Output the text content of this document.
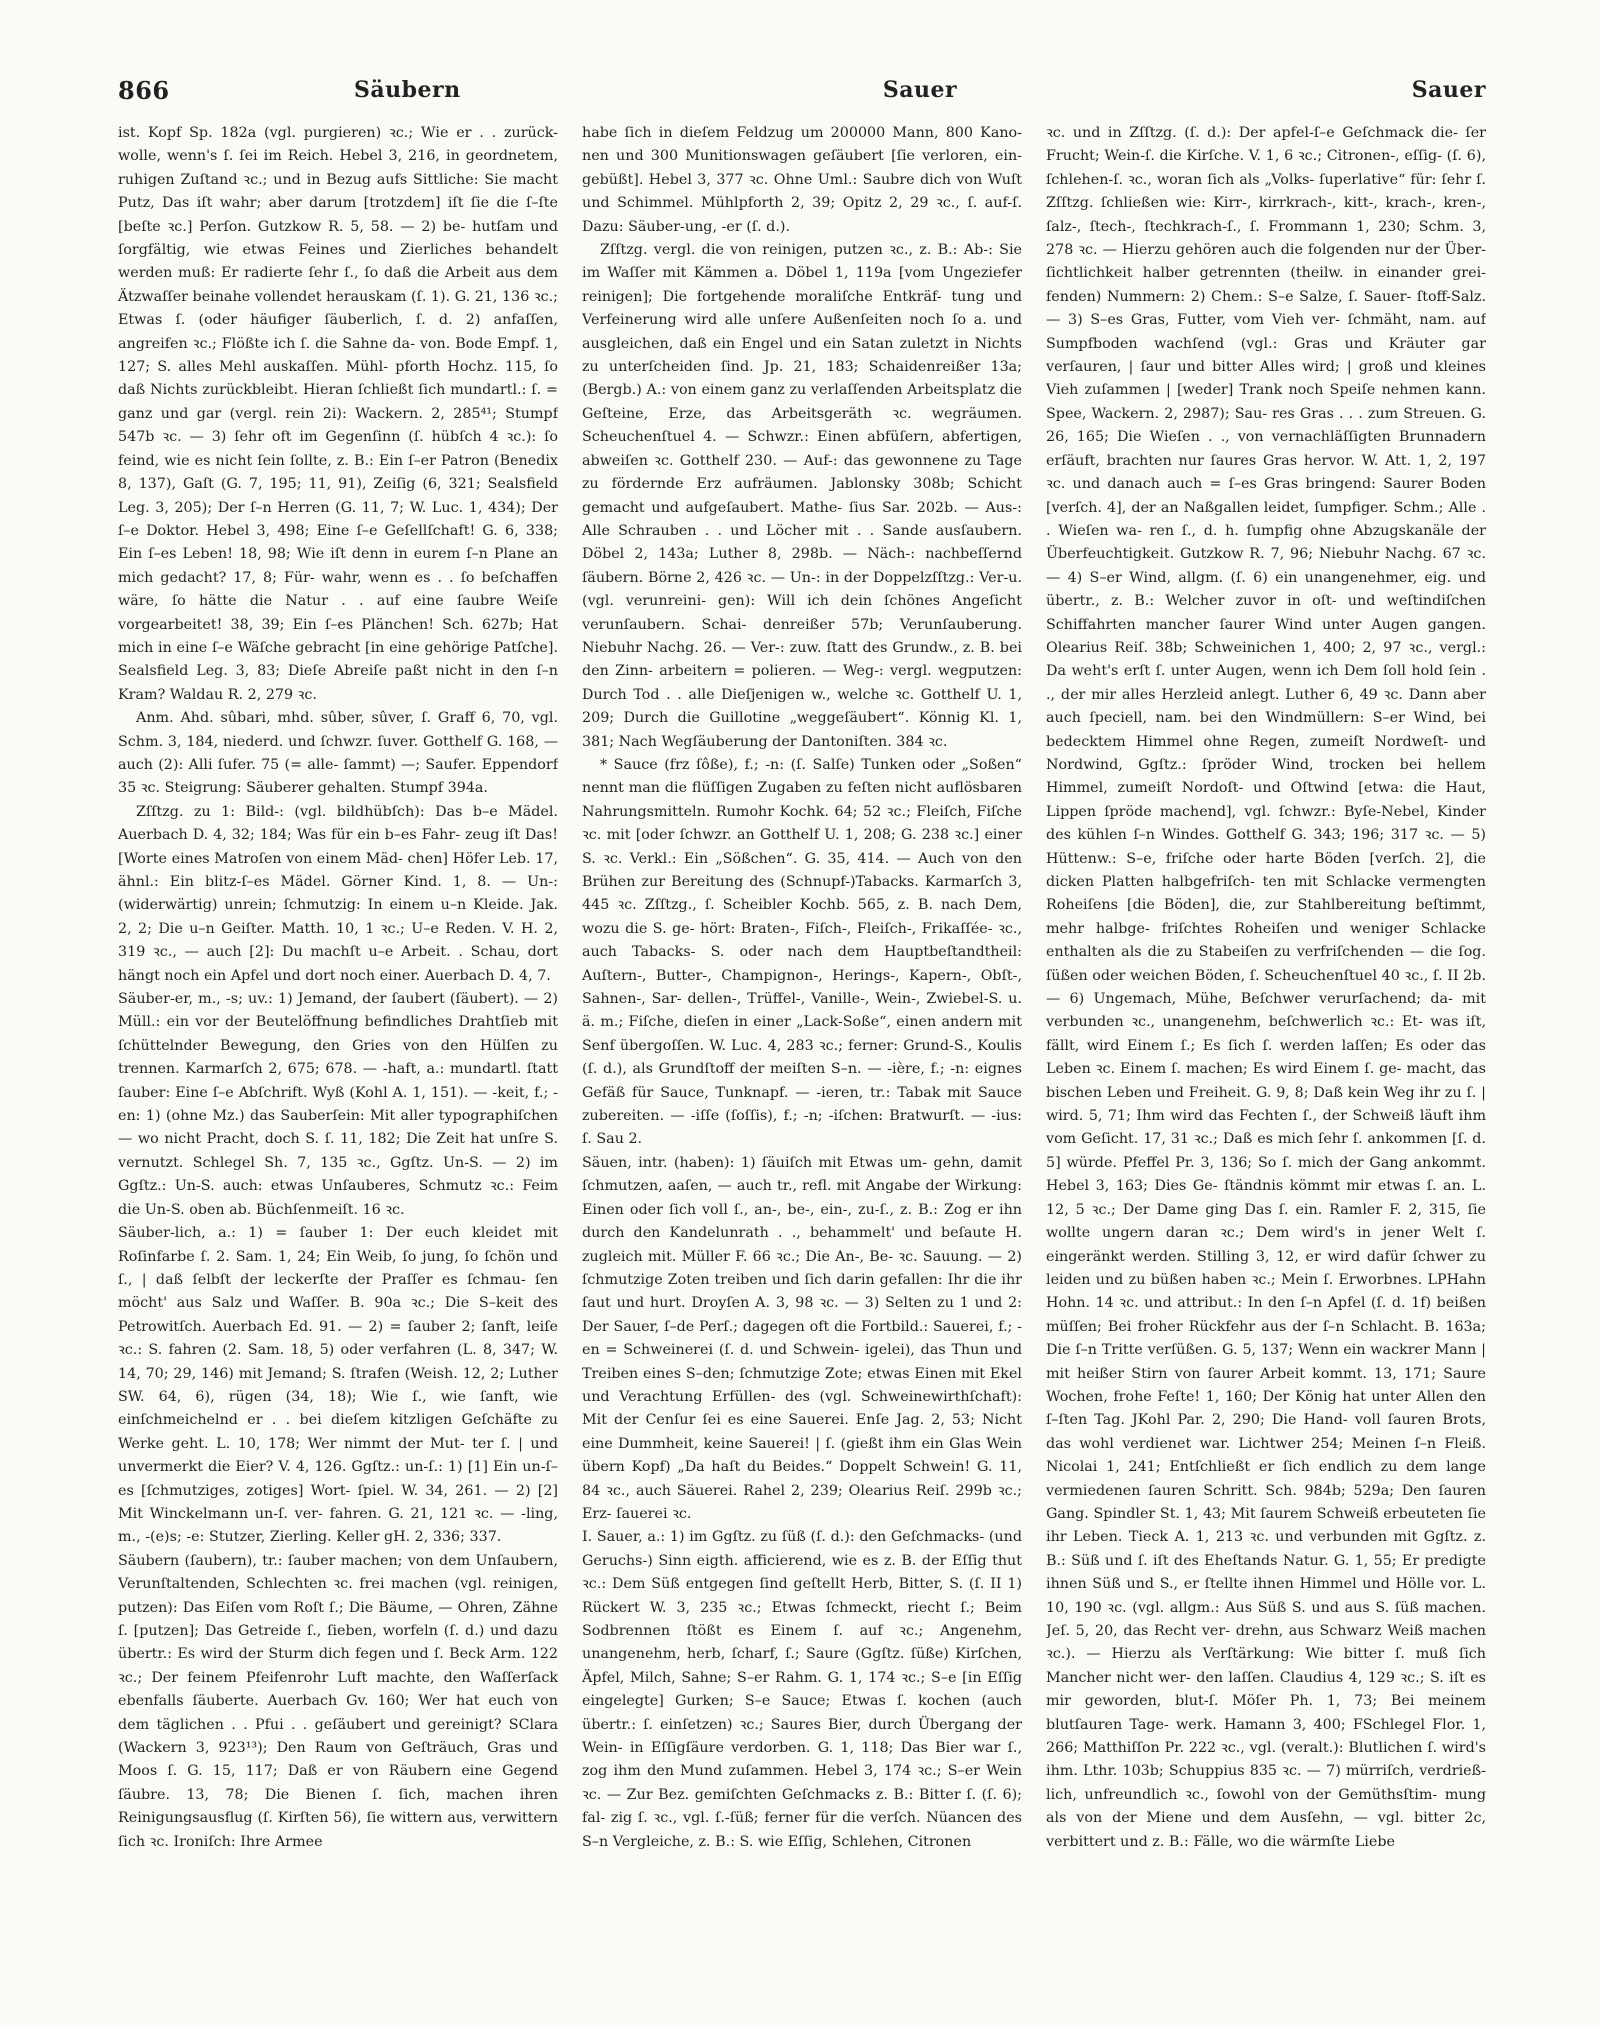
866	Säubern	Sauer	Sauer

ist. Kopf Sp. 182a (vgl. purgieren) ꝛc.; Wie er . . zurück- wolle, wenn's ſ. ſei im Reich. Hebel 3, 216, in geordnetem, ruhigen Zuſtand ꝛc.; und in Bezug aufs Sittliche: Sie macht Putz, Das iſt wahr; aber darum [trotzdem] iſt ſie die ſ–ſte [beſte ꝛc.] Perſon. Gutzkow R. 5, 58. — 2) be- hutſam und ſorgfältig, wie etwas Feines und Zierliches behandelt werden muß: Er radierte ſehr ſ., ſo daß die Arbeit aus dem Ätzwaſſer beinahe vollendet herauskam (ſ. 1). G. 21, 136 ꝛc.; Etwas ſ. (oder häufiger ſäuberlich, ſ. d. 2) anfaſſen, angreifen ꝛc.; Flößte ich ſ. die Sahne da- von. Bode Empf. 1, 127; S. alles Mehl auskaſſen. Mühl- pforth Hochz. 115, ſo daß Nichts zurückbleibt. Hieran ſchließt ſich mundartl.: ſ. = ganz und gar (vergl. rein 2i): Wackern. 2, 285⁴¹; Stumpf 547b ꝛc. — 3) ſehr oft im Gegenſinn (ſ. hübſch 4 ꝛc.): ſo feind, wie es nicht ſein ſollte, z. B.: Ein ſ–er Patron (Benedix 8, 137), Gaſt (G. 7, 195; 11, 91), Zeiſig (6, 321; Sealsfield Leg. 3, 205); Der ſ–n Herren (G. 11, 7; W. Luc. 1, 434); Der ſ–e Doktor. Hebel 3, 498; Eine ſ–e Geſellſchaft! G. 6, 338; Ein ſ–es Leben! 18, 98; Wie iſt denn in eurem ſ–n Plane an mich gedacht? 17, 8; Für- wahr, wenn es . . ſo beſchaffen wäre, ſo hätte die Natur . . auf eine ſaubre Weiſe vorgearbeitet! 38, 39; Ein ſ–es Plänchen! Sch. 627b; Hat mich in eine ſ–e Wäſche gebracht [in eine gehörige Patſche]. Sealsfield Leg. 3, 83; Dieſe Abreiſe paßt nicht in den ſ–n Kram? Waldau R. 2, 279 ꝛc.

Anm. Ahd. sûbari, mhd. sûber, sûver, ſ. Graff 6, 70, vgl. Schm. 3, 184, niederd. und ſchwzr. ſuver. Gotthelf G. 168, — auch (2): Alli ſufer. 75 (= alle- ſammt) —; Saufer. Eppendorf 35 ꝛc. Steigrung: Säuberer gehalten. Stumpf 394a.

Zſſtzg. zu 1: Bild-: (vgl. bildhübſch): Das b–e Mädel. Auerbach D. 4, 32; 184; Was für ein b–es Fahr- zeug iſt Das! [Worte eines Matroſen von einem Mäd- chen] Höfer Leb. 17, ähnl.: Ein blitz-ſ–es Mädel. Görner Kind. 1, 8. — Un-: (widerwärtig) unrein; ſchmutzig: In einem u–n Kleide. Jak. 2, 2; Die u–n Geiſter. Matth. 10, 1 ꝛc.; U–e Reden. V. H. 2, 319 ꝛc., — auch [2]: Du machſt u–e Arbeit. . Schau, dort hängt noch ein Apfel und dort noch einer. Auerbach D. 4, 7.

Säuber-er, m., -s; uv.: 1) Jemand, der ſaubert (ſäubert). — 2) Müll.: ein vor der Beutelöffnung befindliches Drahtſieb mit ſchüttelnder Bewegung, den Gries von den Hülſen zu trennen. Karmarſch 2, 675; 678. — -haft, a.: mundartl. ſtatt ſauber: Eine ſ–e Abſchrift. Wyß (Kohl A. 1, 151). — -keit, f.; -en: 1) (ohne Mz.) das Sauberſein: Mit aller typographiſchen — wo nicht Pracht, doch S. ſ. 11, 182; Die Zeit hat unſre S. vernutzt. Schlegel Sh. 7, 135 ꝛc., Ggſtz. Un-S. — 2) im Ggſtz.: Un-S. auch: etwas Unſauberes, Schmutz ꝛc.: Feim die Un-S. oben ab. Büchſenmeiſt. 16 ꝛc.

Säuber-lich, a.: 1) = ſauber 1: Der euch kleidet mit Roſinfarbe ſ. 2. Sam. 1, 24; Ein Weib, ſo jung, ſo ſchön und ſ., | daß ſelbſt der leckerſte der Praſſer es ſchmau- ſen möcht' aus Salz und Waſſer. B. 90a ꝛc.; Die S–keit des Petrowitſch. Auerbach Ed. 91. — 2) = ſauber 2; ſanft, leiſe ꝛc.: S. fahren (2. Sam. 18, 5) oder verfahren (L. 8, 347; W. 14, 70; 29, 146) mit Jemand; S. ſtrafen (Weish. 12, 2; Luther SW. 64, 6), rügen (34, 18); Wie ſ., wie ſanft, wie einſchmeichelnd er . . bei dieſem kitzligen Geſchäfte zu Werke geht. L. 10, 178; Wer nimmt der Mut- ter ſ. | und unvermerkt die Eier? V. 4, 126. Ggſtz.: un-ſ.: 1) [1] Ein un-ſ–es [ſchmutziges, zotiges] Wort- ſpiel. W. 34, 261. — 2) [2] Mit Winckelmann un-ſ. ver- fahren. G. 21, 121 ꝛc. — -ling, m., -(e)s; -e: Stutzer, Zierling. Keller gH. 2, 336; 337.

Säubern (ſaubern), tr.: ſauber machen; von dem Unſaubern, Verunſtaltenden, Schlechten ꝛc. frei machen (vgl. reinigen, putzen): Das Eiſen vom Roſt ſ.; Die Bäume, — Ohren, Zähne ſ. [putzen]; Das Getreide ſ., ſieben, worfeln (ſ. d.) und dazu übertr.: Es wird der Sturm dich fegen und ſ. Beck Arm. 122 ꝛc.; Der feinem Pfeifenrohr Luft machte, den Waſſerſack ebenfalls ſäuberte. Auerbach Gv. 160; Wer hat euch von dem täglichen . . Pfui . . geſäubert und gereinigt? SClara (Wackern 3, 923¹³); Den Raum von Geſträuch, Gras und Moos ſ. G. 15, 117; Daß er von Räubern eine Gegend ſäubre. 13, 78; Die Bienen ſ. ſich, machen ihren Reinigungsausflug (ſ. Kirſten 56), ſie wittern aus, verwittern ſich ꝛc. Ironiſch: Ihre Armee

habe ſich in dieſem Feldzug um 200000 Mann, 800 Kano- nen und 300 Munitionswagen geſäubert [ſie verloren, ein- gebüßt]. Hebel 3, 377 ꝛc. Ohne Uml.: Saubre dich von Wuſt und Schimmel. Mühlpforth 2, 39; Opitz 2, 29 ꝛc., ſ. auf-ſ. Dazu: Säuber-ung, -er (ſ. d.).

Zſſtzg. vergl. die von reinigen, putzen ꝛc., z. B.: Ab-: Sie im Waſſer mit Kämmen a. Döbel 1, 119a [vom Ungeziefer reinigen]; Die fortgehende moraliſche Entkräf- tung und Verfeinerung wird alle unſere Außenſeiten noch ſo a. und ausgleichen, daß ein Engel und ein Satan zuletzt in Nichts zu unterſcheiden ſind. Jp. 21, 183; Schaidenreißer 13a; (Bergb.) A.: von einem ganz zu verlaſſenden Arbeitsplatz die Geſteine, Erze, das Arbeitsgeräth ꝛc. wegräumen. Scheuchenſtuel 4. — Schwzr.: Einen abfüſern, abfertigen, abweiſen ꝛc. Gotthelf 230. — Auf-: das gewonnene zu Tage zu fördernde Erz aufräumen. Jablonsky 308b; Schicht gemacht und aufgeſaubert. Mathe- ſius Sar. 202b. — Aus-: Alle Schrauben . . und Löcher mit . . Sande ausſaubern. Döbel 2, 143a; Luther 8, 298b. — Näch-: nachbeſſernd ſäubern. Börne 2, 426 ꝛc. — Un-: in der Doppelzſſtzg.: Ver-u. (vgl. verunreini- gen): Will ich dein ſchönes Angeſicht verunſaubern. Schai- denreißer 57b; Verunſauberung. Niebuhr Nachg. 26. — Ver-: zuw. ſtatt des Grundw., z. B. bei den Zinn- arbeitern = polieren. — Weg-: vergl. wegputzen: Durch Tod . . alle Dieſjenigen w., welche ꝛc. Gotthelf U. 1, 209; Durch die Guillotine „weggeſäubert“. Könnig Kl. 1, 381; Nach Wegſäuberung der Dantoniſten. 384 ꝛc.

* Sauce (frz ſôße), f.; -n: (ſ. Salſe) Tunken oder „Soßen“ nennt man die flüſſigen Zugaben zu feſten nicht auflösbaren Nahrungsmitteln. Rumohr Kochk. 64; 52 ꝛc.; Fleiſch, Fiſche ꝛc. mit [oder ſchwzr. an Gotthelf U. 1, 208; G. 238 ꝛc.] einer S. ꝛc. Verkl.: Ein „Sößchen“. G. 35, 414. — Auch von den Brühen zur Bereitung des (Schnupf-)Tabacks. Karmarſch 3, 445 ꝛc. Zſſtzg., ſ. Scheibler Kochb. 565, z. B. nach Dem, wozu die S. ge- hört: Braten-, Fiſch-, Fleiſch-, Frikaſſée- ꝛc., auch Tabacks- S. oder nach dem Hauptbeſtandtheil: Auſtern-, Butter-, Champignon-, Herings-, Kapern-, Obſt-, Sahnen-, Sar- dellen-, Trüffel-, Vanille-, Wein-, Zwiebel-S. u. ä. m.; Fiſche, dieſen in einer „Lack-Soße“, einen andern mit Senf übergoſſen. W. Luc. 4, 283 ꝛc.; ferner: Grund-S., Koulis (ſ. d.), als Grundſtoff der meiſten S–n. — -ière, f.; -n: eignes Gefäß für Sauce, Tunknapf. — -ieren, tr.: Tabak mit Sauce zubereiten. — -iſſe (ſoſſis), f.; -n; -iſchen: Bratwurſt. — -ius: ſ. Sau 2.

Säuen, intr. (haben): 1) ſäuiſch mit Etwas um- gehn, damit ſchmutzen, aaſen, — auch tr., refl. mit Angabe der Wirkung: Einen oder ſich voll ſ., an-, be-, ein-, zu-ſ., z. B.: Zog er ihn durch den Kandelunrath . ., behammelt' und beſaute H. zugleich mit. Müller F. 66 ꝛc.; Die An-, Be- ꝛc. Sauung. — 2) ſchmutzige Zoten treiben und ſich darin gefallen: Ihr die ihr ſaut und hurt. Droyſen A. 3, 98 ꝛc. — 3) Selten zu 1 und 2: Der Sauer, ſ–de Perſ.; dagegen oft die Fortbild.: Sauerei, f.; -en = Schweinerei (ſ. d. und Schwein- igelei), das Thun und Treiben eines S–den; ſchmutzige Zote; etwas Einen mit Ekel und Verachtung Erfüllen- des (vgl. Schweinewirthſchaft): Mit der Cenſur ſei es eine Sauerei. Enſe Jag. 2, 53; Nicht eine Dummheit, keine Sauerei! | ſ. (gießt ihm ein Glas Wein übern Kopf) „Da haſt du Beides.“ Doppelt Schwein! G. 11, 84 ꝛc., auch Säuerei. Rahel 2, 239; Olearius Reiſ. 299b ꝛc.; Erz- ſauerei ꝛc.

I. Sauer, a.: 1) im Ggſtz. zu ſüß (ſ. d.): den Geſchmacks- (und Geruchs-) Sinn eigth. afficierend, wie es z. B. der Eſſig thut ꝛc.: Dem Süß entgegen ſind geſtellt Herb, Bitter, S. (ſ. II 1) Rückert W. 3, 235 ꝛc.; Etwas ſchmeckt, riecht ſ.; Beim Sodbrennen ſtößt es Einem ſ. auf ꝛc.; Angenehm, unangenehm, herb, ſcharf, ſ.; Saure (Ggſtz. ſüße) Kirſchen, Äpfel, Milch, Sahne; S–er Rahm. G. 1, 174 ꝛc.; S–e [in Eſſig eingelegte] Gurken; S–e Sauce; Etwas ſ. kochen (auch übertr.: ſ. einſetzen) ꝛc.; Saures Bier, durch Übergang der Wein- in Eſſigſäure verdorben. G. 1, 118; Das Bier war ſ., zog ihm den Mund zuſammen. Hebel 3, 174 ꝛc.; S–er Wein ꝛc. — Zur Bez. gemiſchten Geſchmacks z. B.: Bitter ſ. (ſ. 6); fal- zig ſ. ꝛc., vgl. ſ.-ſüß; ferner für die verſch. Nüancen des S–n Vergleiche, z. B.: S. wie Eſſig, Schlehen, Citronen

ꝛc. und in Zſſtzg. (ſ. d.): Der apfel-ſ–e Geſchmack die- ſer Frucht; Wein-ſ. die Kirſche. V. 1, 6 ꝛc.; Citronen-, eſſig- (ſ. 6), ſchlehen-ſ. ꝛc., woran ſich als „Volks- ſuperlative“ für: ſehr ſ. Zſſtzg. ſchließen wie: Kirr-, kirrkrach-, kitt-, krach-, kren-, ſalz-, ſtech-, ſtechkrach-ſ., ſ. Frommann 1, 230; Schm. 3, 278 ꝛc. — Hierzu gehören auch die folgenden nur der Über- ſichtlichkeit halber getrennten (theilw. in einander grei- fenden) Nummern: 2) Chem.: S–e Salze, ſ. Sauer- ſtoff-Salz. — 3) S–es Gras, Futter, vom Vieh ver- ſchmäht, nam. auf Sumpfboden wachſend (vgl.: Gras und Kräuter gar verſauren, | ſaur und bitter Alles wird; | groß und kleines Vieh zuſammen | [weder] Trank noch Speiſe nehmen kann. Spee, Wackern. 2, 2987); Sau- res Gras . . . zum Streuen. G. 26, 165; Die Wieſen . ., von vernachläſſigten Brunnadern erſäuft, brachten nur ſaures Gras hervor. W. Att. 1, 2, 197 ꝛc. und danach auch = ſ–es Gras bringend: Saurer Boden [verſch. 4], der an Naßgallen leidet, ſumpfiger. Schm.; Alle . . Wieſen wa- ren ſ., d. h. ſumpfig ohne Abzugskanäle der Überfeuchtigkeit. Gutzkow R. 7, 96; Niebuhr Nachg. 67 ꝛc. — 4) S–er Wind, allgm. (ſ. 6) ein unangenehmer, eig. und übertr., z. B.: Welcher zuvor in oſt- und weſtindiſchen Schiffahrten mancher ſaurer Wind unter Augen gangen. Olearius Reiſ. 38b; Schweinichen 1, 400; 2, 97 ꝛc., vergl.: Da weht's erſt ſ. unter Augen, wenn ich Dem ſoll hold ſein . ., der mir alles Herzleid anlegt. Luther 6, 49 ꝛc. Dann aber auch ſpeciell, nam. bei den Windmüllern: S–er Wind, bei bedecktem Himmel ohne Regen, zumeiſt Nordweſt- und Nordwind, Ggſtz.: ſpröder Wind, trocken bei hellem Himmel, zumeiſt Nordoſt- und Oſtwind [etwa: die Haut, Lippen ſpröde machend], vgl. ſchwzr.: Byſe-Nebel, Kinder des kühlen ſ–n Windes. Gotthelf G. 343; 196; 317 ꝛc. — 5) Hüttenw.: S–e, friſche oder harte Böden [verſch. 2], die dicken Platten halbgefriſch- ten mit Schlacke vermengten Roheiſens [die Böden], die, zur Stahlbereitung beſtimmt, mehr halbge- friſchtes Roheiſen und weniger Schlacke enthalten als die zu Stabeiſen zu verfriſchenden — die ſog. ſüßen oder weichen Böden, ſ. Scheuchenſtuel 40 ꝛc., ſ. II 2b. — 6) Ungemach, Mühe, Beſchwer verurſachend; da- mit verbunden ꝛc., unangenehm, beſchwerlich ꝛc.: Et- was iſt, fällt, wird Einem ſ.; Es ſich ſ. werden laſſen; Es oder das Leben ꝛc. Einem ſ. machen; Es wird Einem ſ. ge- macht, das bischen Leben und Freiheit. G. 9, 8; Daß kein Weg ihr zu ſ. | wird. 5, 71; Ihm wird das Fechten ſ., der Schweiß läuft ihm vom Geſicht. 17, 31 ꝛc.; Daß es mich ſehr ſ. ankommen [ſ. d. 5] würde. Pfeffel Pr. 3, 136; So ſ. mich der Gang ankommt. Hebel 3, 163; Dies Ge- ſtändnis kömmt mir etwas ſ. an. L. 12, 5 ꝛc.; Der Dame ging Das ſ. ein. Ramler F. 2, 315, ſie wollte ungern daran ꝛc.; Dem wird's in jener Welt ſ. eingeränkt werden. Stilling 3, 12, er wird dafür ſchwer zu leiden und zu büßen haben ꝛc.; Mein ſ. Erworbnes. LPHahn Hohn. 14 ꝛc. und attribut.: In den ſ–n Apfel (ſ. d. 1f) beißen müſſen; Bei froher Rückfehr aus der ſ–n Schlacht. B. 163a; Die ſ–n Tritte verſüßen. G. 5, 137; Wenn ein wackrer Mann | mit heißer Stirn von ſaurer Arbeit kommt. 13, 171; Saure Wochen, frohe Feſte! 1, 160; Der König hat unter Allen den ſ–ſten Tag. JKohl Par. 2, 290; Die Hand- voll ſauren Brots, das wohl verdienet war. Lichtwer 254; Meinen ſ–n Fleiß. Nicolai 1, 241; Entſchließt er ſich endlich zu dem lange vermiedenen ſauren Schritt. Sch. 984b; 529a; Den ſauren Gang. Spindler St. 1, 43; Mit ſaurem Schweiß erbeuteten ſie ihr Leben. Tieck A. 1, 213 ꝛc. und verbunden mit Ggſtz. z. B.: Süß und ſ. iſt des Eheſtands Natur. G. 1, 55; Er predigte ihnen Süß und S., er ſtellte ihnen Himmel und Hölle vor. L. 10, 190 ꝛc. (vgl. allgm.: Aus Süß S. und aus S. ſüß machen. Jeſ. 5, 20, das Recht ver- drehn, aus Schwarz Weiß machen ꝛc.). — Hierzu als Verſtärkung: Wie bitter ſ. muß ſich Mancher nicht wer- den laſſen. Claudius 4, 129 ꝛc.; S. iſt es mir geworden, blut-ſ. Möſer Ph. 1, 73; Bei meinem blutſauren Tage- werk. Hamann 3, 400; FSchlegel Flor. 1, 266; Matthiſſon Pr. 222 ꝛc., vgl. (veralt.): Blutlichen ſ. wird's ihm. Lthr. 103b; Schuppius 835 ꝛc. — 7) mürriſch, verdrieß- lich, unfreundlich ꝛc., ſowohl von der Gemüthsſtim- mung als von der Miene und dem Ausſehn, — vgl. bitter 2c, verbittert und z. B.: Fälle, wo die wärmſte Liebe
